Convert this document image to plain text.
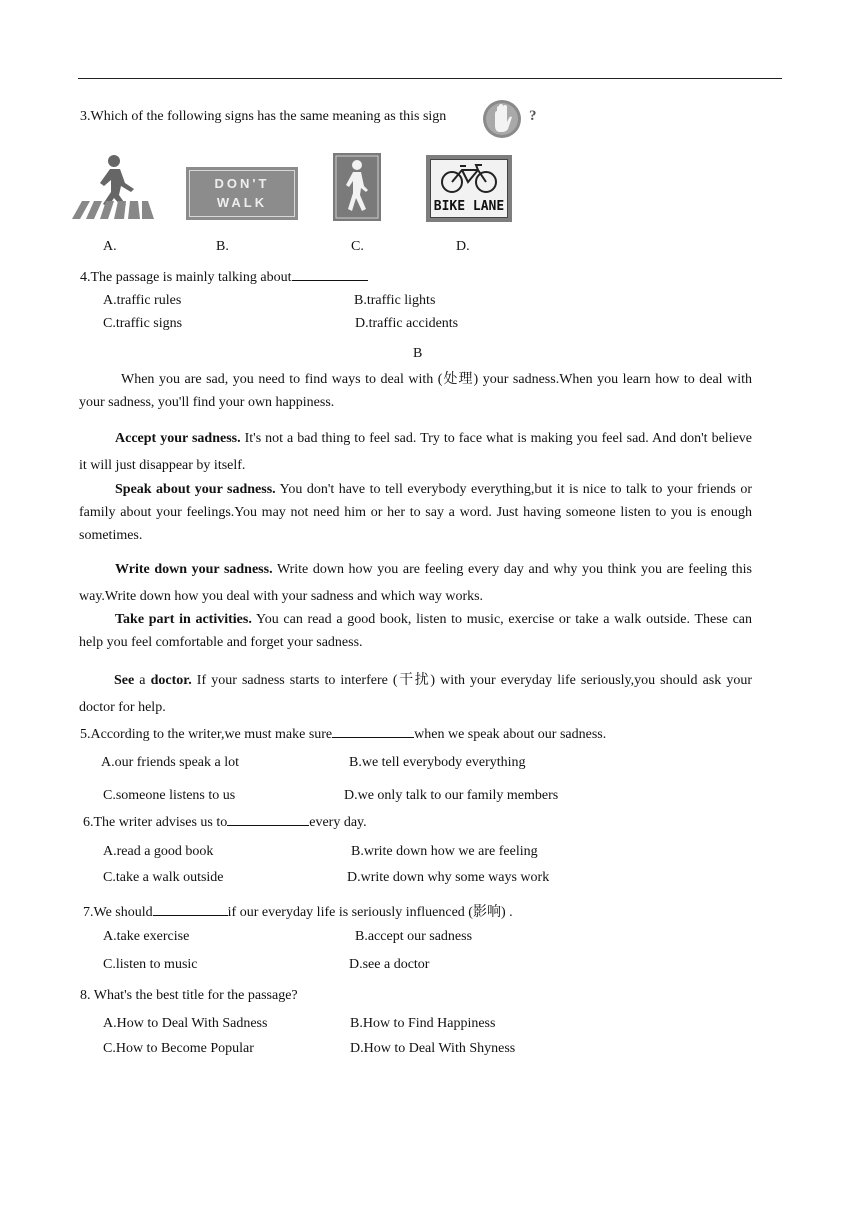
3.Which of the following signs has the same meaning as this sign	?
DON'T
WALK	BIKE LANE
A.	B.	C.	D.
4.The passage is mainly talking about
A.traffic rules	B.traffic lights
C.traffic signs	D.traffic accidents
B
When you are sad, you need to find ways to deal with (处理) your sadness.When you learn how to deal with your sadness, you'll find your own happiness.
Accept your sadness. It's not a bad thing to feel sad. Try to face what is making you feel sad. And don't believe it will just disappear by itself.
Speak about your sadness. You don't have to tell everybody everything,but it is nice to talk to your friends or family about your feelings.You may not need him or her to say a word. Just having someone listen to you is enough sometimes.
Write down your sadness. Write down how you are feeling every day and why you think you are feeling this way.Write down how you deal with your sadness and which way works.
Take part in activities. You can read a good book, listen to music, exercise or take a walk outside. These can help you feel comfortable and forget your sadness.
See a doctor. If your sadness starts to interfere (干扰) with your everyday life seriously,you should ask your doctor for help.
5.According to the writer,we must make sure	when we speak about our sadness.
A.our friends speak a lot	B.we tell everybody everything
C.someone listens to us	D.we only talk to our family members
6.The writer advises us to	every day.
A.read a good book	B.write down how we are feeling
C.take a walk outside	D.write down why some ways work
7.We should	if our everyday life is seriously influenced (影响) .
A.take exercise	B.accept our sadness
C.listen to music	D.see a doctor
8. What's the best title for the passage?
A.How to Deal With Sadness	B.How to Find Happiness
C.How to Become Popular	D.How to Deal With Shyness
